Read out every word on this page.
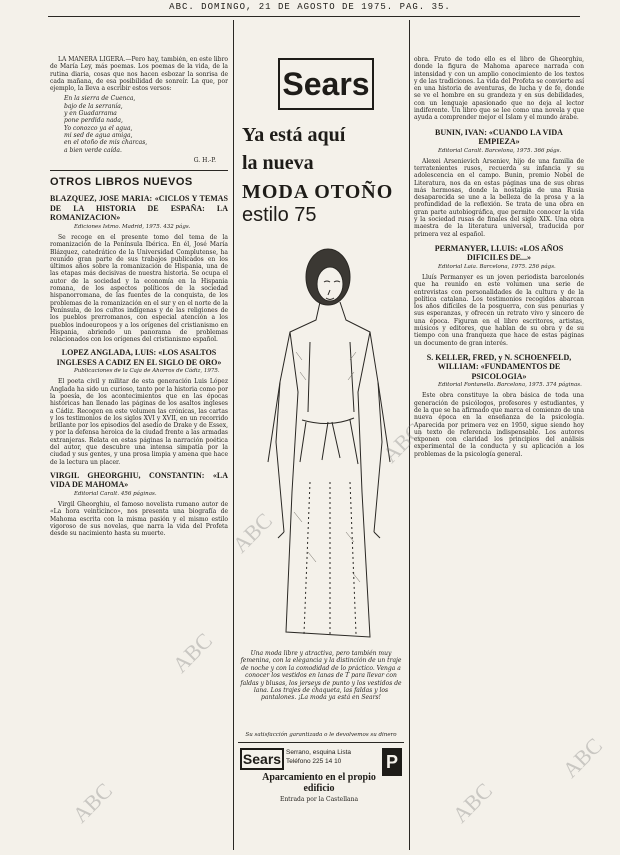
ABC. DOMINGO, 21 DE AGOSTO DE 1975. PAG. 35.

LA MANERA LIGERA.—Pero hay, también, en este libro de María Ley, más poemas. Los poemas de la vida, de la rutina diaria, cosas que nos hacen esbozar la sonrisa de cada mañana, de esa posibilidad de sonreír. La que, por ejemplo, la lleva a escribir estos versos:

En la sierra de Cuenca,
bajo de la serranía,
y en Guadarrama
pone perdida nada,
Yo conozco ya el agua,
mi sed de agua amiga,
en el otoño de mis charcas,
a bien verde caída.

G. H.-P.

OTROS LIBROS NUEVOS
BLAZQUEZ, JOSE MARIA: «CICLOS Y TEMAS DE LA HISTORIA DE ESPAÑA: LA ROMANIZACION»
Ediciones Istmo. Madrid, 1975. 432 págs.

Se recoge en el presente tomo del tema de la romanización de la Península Ibérica. En él, José María Blázquez, catedrático de la Universidad Complutense, ha reunido gran parte de sus trabajos publicados en los últimos años sobre la romanización de Hispania, una de las etapas más decisivas de nuestra historia. Se ocupa el autor de la sociedad y la economía en la Hispania romana, de los aspectos políticos de la sociedad hispanorromana, de las fuentes de la conquista, de los problemas de la romanización en el sur y en el norte de la Península, de los cultos indígenas y de las religiones de los pueblos prerromanos, con especial atención a los pueblos indoeuropeos y a los orígenes del cristianismo en Hispania, abriendo un panorama de problemas relacionados con los orígenes del cristianismo español.

LOPEZ ANGLADA, LUIS: «LOS ASALTOS INGLESES A CADIZ EN EL SIGLO DE ORO»
Publicaciones de la Caja de Ahorros de Cádiz, 1975.

El poeta civil y militar de esta generación Luis López Anglada ha sido un curioso, tanto por la historia como por la poesía, de los acontecimientos que en las épocas históricas han llenado las páginas de los asaltos ingleses a Cádiz. Recogen en este volumen las crónicas, las cartas y los testimonios de los siglos XVI y XVII, en un recorrido brillante por los episodios del asedio de Drake y de Essex, y por la defensa heroica de la ciudad frente a las armadas extranjeras. Relata en estas páginas la narración poética del autor, que descubre una intensa simpatía por la ciudad y sus gentes, y una prosa limpia y amena que hace de la lectura un placer.

VIRGIL GHEORGHIU, CONSTANTIN: «LA VIDA DE MAHOMA»
Editorial Caralt. 456 páginas.

Virgil Gheorghiu, el famoso novelista rumano autor de «La hora veinticinco», nos presenta una biografía de Mahoma escrita con la misma pasión y el mismo estilo vigoroso de sus novelas, que narra la vida del Profeta desde su nacimiento hasta su muerte.

Sears
Ya está aquí
la nueva
MODA OTOÑO
estilo 75
Una moda libre y atractiva, pero también muy femenina, con la elegancia y la distinción de un traje de noche y con la comodidad de lo práctico. Venga a conocer los vestidos en lanas de T para llevar con faldas y blusas, los jerseys de punto y los vestidos de lana. Los trajes de chaqueta, las faldas y los pantalones. ¡La moda ya está en Sears!
Su satisfacción garantizada o le devolvemos su dinero
Sears Serrano, esquina Lista
Teléfono 225 14 10	P
Aparcamiento en el propio edificio
Entrada por la Castellana

obra. Fruto de todo ello es el libro de Gheorghiu, donde la figura de Mahoma aparece narrada con intensidad y con un amplio conocimiento de los textos y de las tradiciones. La vida del Profeta se convierte así en una historia de aventuras, de lucha y de fe, donde se ve el hombre en su grandeza y en sus debilidades, con un lenguaje apasionado que no deja al lector indiferente. Un libro que se lee como una novela y que ayuda a comprender mejor el Islam y el mundo árabe.

BUNIN, IVAN: «CUANDO LA VIDA EMPIEZA»
Editorial Caralt. Barcelona, 1975. 366 págs.

Alexei Arsenievich Arseniev, hijo de una familia de terratenientes rusos, recuerda su infancia y su adolescencia en el campo. Bunin, premio Nobel de Literatura, nos da en estas páginas una de sus obras más hermosas, donde la nostalgia de una Rusia desaparecida se une a la belleza de la prosa y a la profundidad de la reflexión. Se trata de una obra en gran parte autobiográfica, que permite conocer la vida y la sociedad rusas de finales del siglo XIX. Una obra maestra de la literatura universal, traducida por primera vez al español.

PERMANYER, LLUIS: «LOS AÑOS DIFICILES DE...»
Editorial Laia. Barcelona, 1975. 256 págs.

Lluís Permanyer es un joven periodista barcelonés que ha reunido en este volumen una serie de entrevistas con personalidades de la cultura y de la política catalana. Los testimonios recogidos abarcan los años difíciles de la posguerra, con sus penurias y sus esperanzas, y ofrecen un retrato vivo y sincero de una época. Figuran en el libro escritores, artistas, músicos y editores, que hablan de su obra y de su tiempo con una franqueza que hace de estas páginas un documento de gran interés.

S. KELLER, FRED, y N. SCHOENFELD, WILLIAM: «FUNDAMENTOS DE PSICOLOGIA»
Editorial Fontanella. Barcelona, 1975. 374 páginas.

Este obra constituye la obra básica de toda una generación de psicólogos, profesores y estudiantes, y de la que se ha afirmado que marca el comienzo de una nueva época en la enseñanza de la psicología. Aparecida por primera vez en 1950, sigue siendo hoy un texto de referencia indispensable. Los autores exponen con claridad los principios del análisis experimental de la conducta y su aplicación a los problemas de la psicología general.

ABC
ABC
ABC
ABC
ABC
ABC
